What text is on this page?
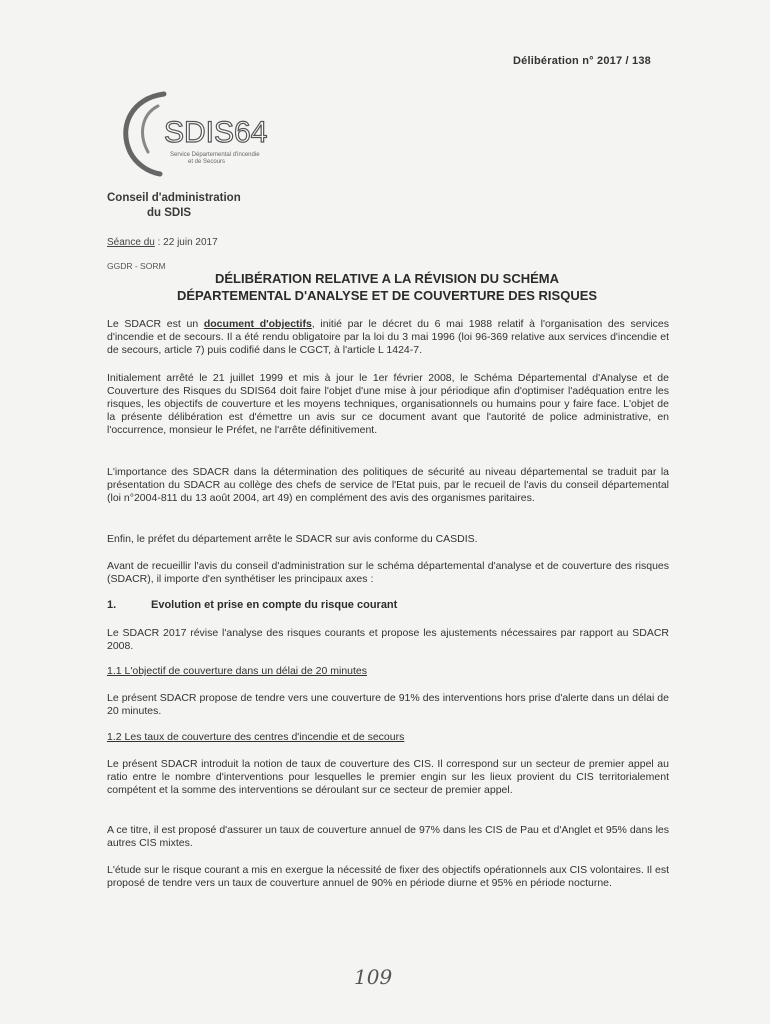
Délibération n° 2017 / 138
SDIS64
Service Départemental d'incendie
et de Secours
Conseil d'administration
du SDIS
Séance du : 22 juin 2017
GGDR - SORM
DÉLIBÉRATION RELATIVE A LA RÉVISION DU SCHÉMA
DÉPARTEMENTAL D'ANALYSE ET DE COUVERTURE DES RISQUES
Le SDACR est un document d'objectifs, initié par le décret du 6 mai 1988 relatif à l'organisation des services d'incendie et de secours. Il a été rendu obligatoire par la loi du 3 mai 1996 (loi 96-369 relative aux services d'incendie et de secours, article 7) puis codifié dans le CGCT, à l'article L 1424-7.
Initialement arrêté le 21 juillet 1999 et mis à jour le 1er février 2008, le Schéma Départemental d'Analyse et de Couverture des Risques du SDIS64 doit faire l'objet d'une mise à jour périodique afin d'optimiser l'adéquation entre les risques, les objectifs de couverture et les moyens techniques, organisationnels ou humains pour y faire face. L'objet de la présente délibération est d'émettre un avis sur ce document avant que l'autorité de police administrative, en l'occurrence, monsieur le Préfet, ne l'arrête définitivement.
L'importance des SDACR dans la détermination des politiques de sécurité au niveau départemental se traduit par la présentation du SDACR au collège des chefs de service de l'Etat puis, par le recueil de l'avis du conseil départemental (loi n°2004-811 du 13 août 2004, art 49) en complément des avis des organismes paritaires.
Enfin, le préfet du département arrête le SDACR sur avis conforme du CASDIS.
Avant de recueillir l'avis du conseil d'administration sur le schéma départemental d'analyse et de couverture des risques (SDACR), il importe d'en synthétiser les principaux axes :
1.	Evolution et prise en compte du risque courant
Le SDACR 2017 révise l'analyse des risques courants et propose les ajustements nécessaires par rapport au SDACR 2008.
1.1 L'objectif de couverture dans un délai de 20 minutes
Le présent SDACR propose de tendre vers une couverture de 91% des interventions hors prise d'alerte dans un délai de 20 minutes.
1.2 Les taux de couverture des centres d'incendie et de secours
Le présent SDACR introduit la notion de taux de couverture des CIS. Il correspond sur un secteur de premier appel au ratio entre le nombre d'interventions pour lesquelles le premier engin sur les lieux provient du CIS territorialement compétent et la somme des interventions se déroulant sur ce secteur de premier appel.
A ce titre, il est proposé d'assurer un taux de couverture annuel de 97% dans les CIS de Pau et d'Anglet et 95% dans les autres CIS mixtes.
L'étude sur le risque courant a mis en exergue la nécessité de fixer des objectifs opérationnels aux CIS volontaires. Il est proposé de tendre vers un taux de couverture annuel de 90% en période diurne et 95% en période nocturne.
109
